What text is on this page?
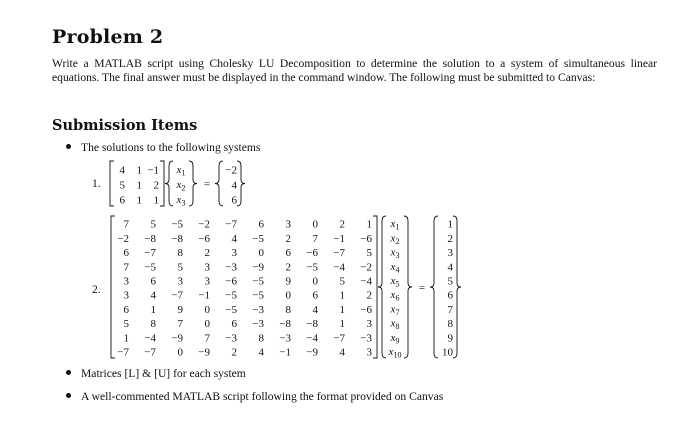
Problem 2

Write a MATLAB script using Cholesky LU Decomposition to determine the solution to a system of simultaneous linear equations. The final answer must be displayed in the command window. The following must be submitted to Canvas:

Submission Items
The solutions to the following systems
1.
2.
4 1 −1
5 1 2
6 1 1
$x_1$
$x_2$
$x_3$
=
−2
4
6
7 5 −5 −2 −7 6 3 0 2 1
−2 −8 −8 −6 4 −5 2 7 −1 −6
6 −7 8 2 3 0 6 −6 −7 5
7 −5 5 3 −3 −9 2 −5 −4 −2
3 6 3 3 −6 −5 9 0 5 −4
3 4 −7 −1 −5 −5 0 6 1 2
6 1 9 0 −5 −3 8 4 1 −6
5 8 7 0 6 −3 −8 −8 1 3
1 −4 −9 7 −3 8 −3 −4 −7 −3
−7 −7 0 −9 2 4 −1 −9 4 3
$x_1$
$x_2$
$x_3$
$x_4$
$x_5$
$x_6$
$x_7$
$x_8$
$x_9$
$x_{10}$
=
1
2
3
4
5
6
7
8
9
10
Matrices [L] & [U] for each system
A well-commented MATLAB script following the format provided on Canvas
